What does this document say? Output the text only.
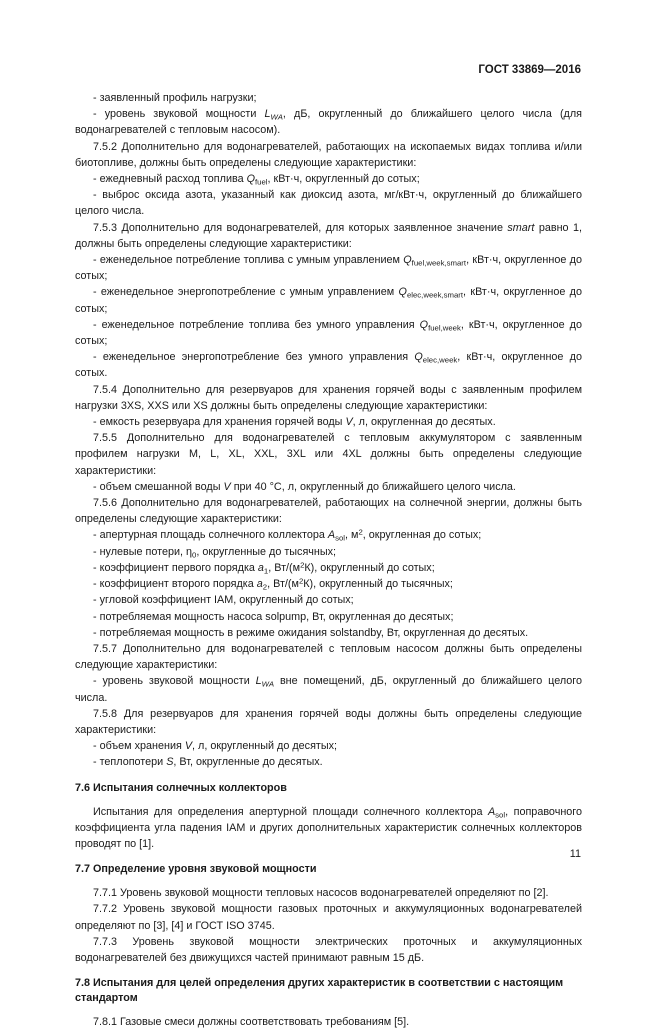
ГОСТ 33869—2016

- заявленный профиль нагрузки;

- уровень звуковой мощности $L_{WA}$, дБ, округленный до ближайшего целого числа (для водонагревателей с тепловым насосом).

7.5.2 Дополнительно для водонагревателей, работающих на ископаемых видах топлива и/или биотопливе, должны быть определены следующие характеристики:

- ежедневный расход топлива $Q_{fuel}$, кВт·ч, округленный до сотых;

- выброс оксида азота, указанный как диоксид азота, мг/кВт·ч, округленный до ближайшего целого числа.

7.5.3 Дополнительно для водонагревателей, для которых заявленное значение smart равно 1, должны быть определены следующие характеристики:

- еженедельное потребление топлива с умным управлением $Q_{fuel,week,smart}$, кВт·ч, округленное до сотых;

- еженедельное энергопотребление с умным управлением $Q_{elec,week,smart}$, кВт·ч, округленное до сотых;

- еженедельное потребление топлива без умного управления $Q_{fuel,week}$, кВт·ч, округленное до сотых;

- еженедельное энергопотребление без умного управления $Q_{elec,week}$, кВт·ч, округленное до сотых.

7.5.4 Дополнительно для резервуаров для хранения горячей воды с заявленным профилем нагрузки 3XS, XXS или XS должны быть определены следующие характеристики:

- емкость резервуара для хранения горячей воды V, л, округленная до десятых.

7.5.5 Дополнительно для водонагревателей с тепловым аккумулятором с заявленным профилем нагрузки M, L, XL, XXL, 3XL или 4XL должны быть определены следующие характеристики:

- объем смешанной воды V при 40 °С, л, округленный до ближайшего целого числа.

7.5.6 Дополнительно для водонагревателей, работающих на солнечной энергии, должны быть определены следующие характеристики:

- апертурная площадь солнечного коллектора $A_{sol}$, $м^2$, округленная до сотых;

- нулевые потери, $\eta_0$, округленные до тысячных;

- коэффициент первого порядка $a_1$, $Вт/(м^2К)$, округленный до сотых;

- коэффициент второго порядка $a_2$, $Вт/(м^2К)$, округленный до тысячных;

- угловой коэффициент IAM, округленный до сотых;

- потребляемая мощность насоса solpump, Вт, округленная до десятых;

- потребляемая мощность в режиме ожидания solstandby, Вт, округленная до десятых.

7.5.7 Дополнительно для водонагревателей с тепловым насосом должны быть определены следующие характеристики:

- уровень звуковой мощности $L_{WA}$ вне помещений, дБ, округленный до ближайшего целого числа.

7.5.8 Для резервуаров для хранения горячей воды должны быть определены следующие характеристики:

- объем хранения V, л, округленный до десятых;

- теплопотери S, Вт, округленные до десятых.

7.6 Испытания солнечных коллекторов

Испытания для определения апертурной площади солнечного коллектора $A_{sol}$, поправочного коэффициента угла падения IAM и других дополнительных характеристик солнечных коллекторов проводят по [1].

7.7 Определение уровня звуковой мощности

7.7.1 Уровень звуковой мощности тепловых насосов водонагревателей определяют по [2].

7.7.2 Уровень звуковой мощности газовых проточных и аккумуляционных водонагревателей определяют по [3], [4] и ГОСТ ISO 3745.

7.7.3 Уровень звуковой мощности электрических проточных и аккумуляционных водонагревателей без движущихся частей принимают равным 15 дБ.

7.8 Испытания для целей определения других характеристик в соответствии с настоящим стандартом

7.8.1 Газовые смеси должны соответствовать требованиям [5].

11
